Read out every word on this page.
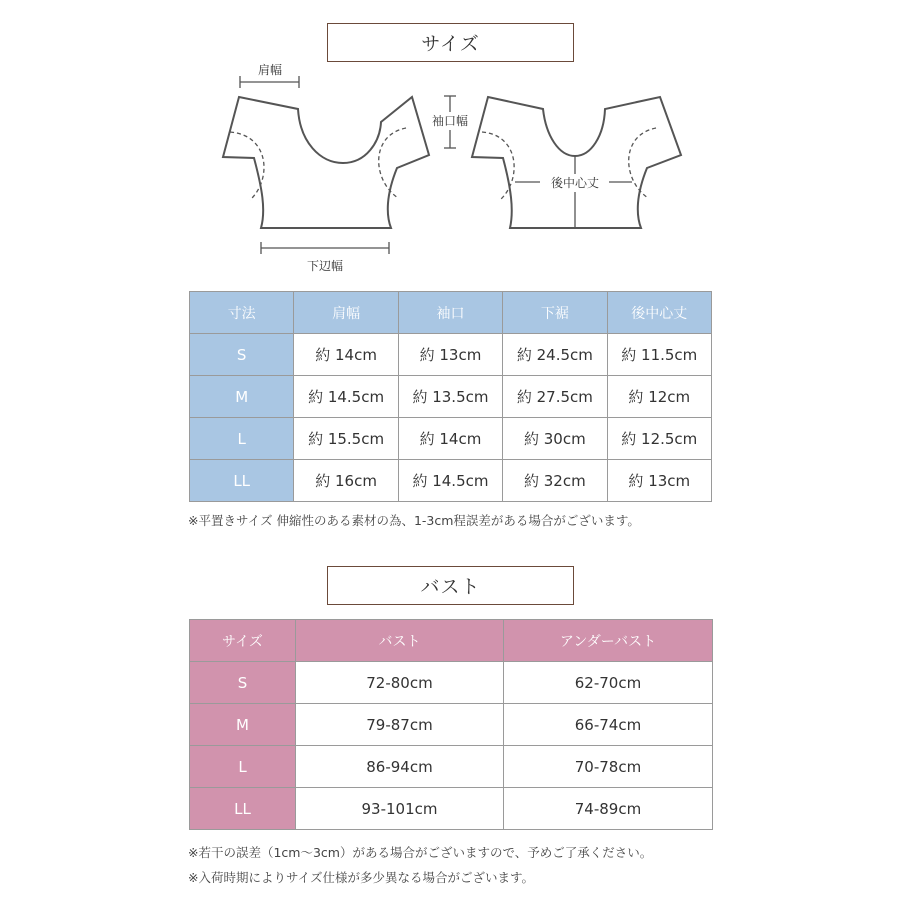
サイズ
肩幅
袖口幅
後中心丈
下辺幅
寸法	肩幅	袖口	下裾	後中心丈
S	約 14cm	約 13cm	約 24.5cm	約 11.5cm
M	約 14.5cm	約 13.5cm	約 27.5cm	約 12cm
L	約 15.5cm	約 14cm	約 30cm	約 12.5cm
LL	約 16cm	約 14.5cm	約 32cm	約 13cm
※平置きサイズ 伸縮性のある素材の為、1-3cm程誤差がある場合がございます。
バスト
サイズ	バスト	アンダーバスト
S	72-80cm	62-70cm
M	79-87cm	66-74cm
L	86-94cm	70-78cm
LL	93-101cm	74-89cm
※若干の誤差（1cm～3cm）がある場合がございますので、予めご了承ください。
※入荷時期によりサイズ仕様が多少異なる場合がございます。
